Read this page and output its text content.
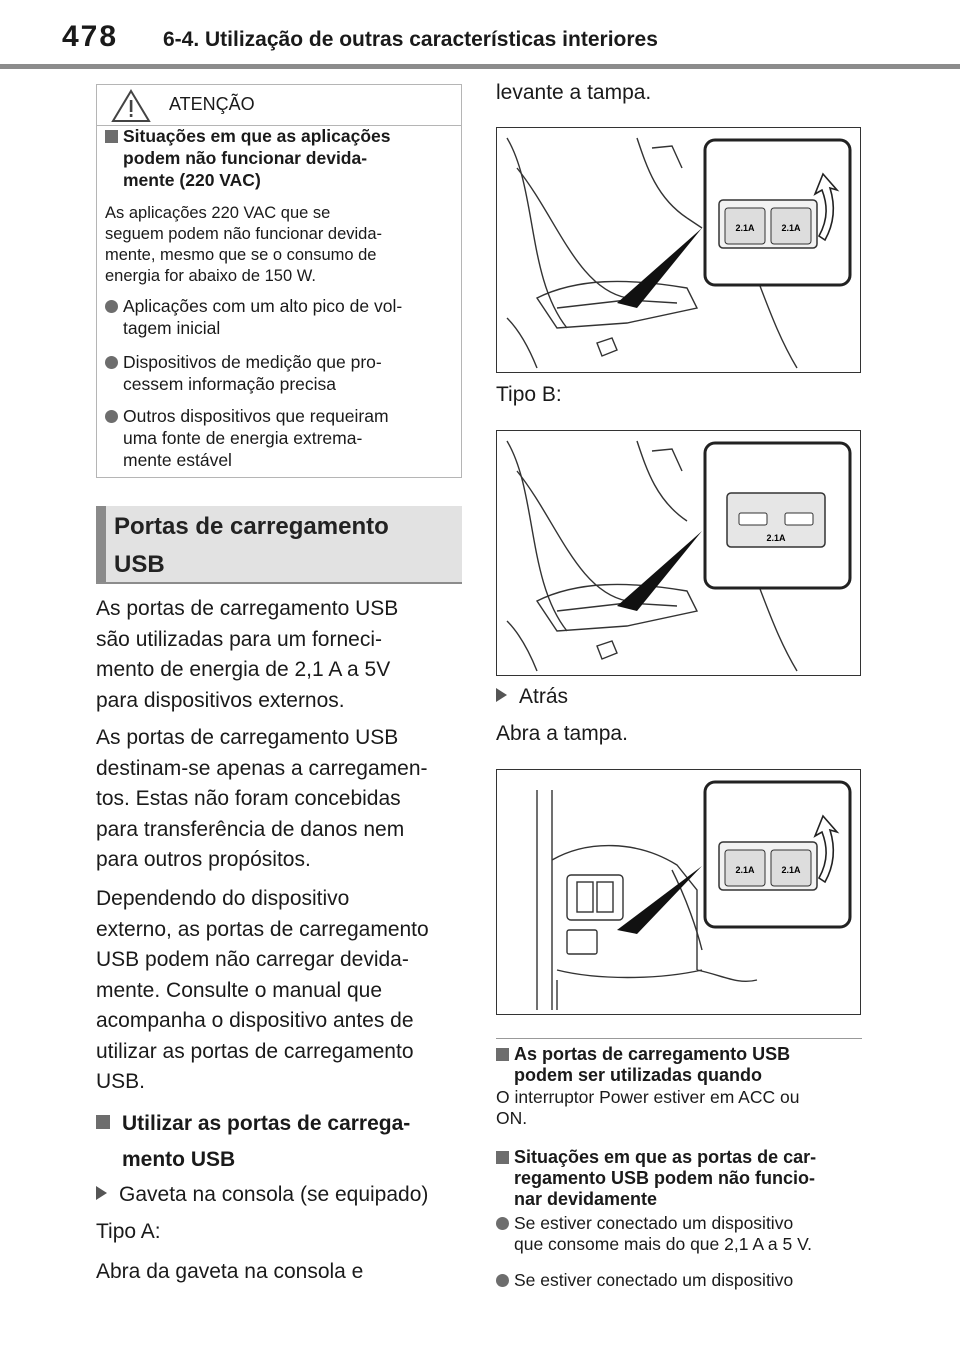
478 6-4. Utilização de outras características interiores
ATENÇÃO
Situações em que as aplicações
podem não funcionar devida-
mente (220 VAC)
As aplicações 220 VAC que se
seguem podem não funcionar devida-
mente, mesmo que se o consumo de
energia for abaixo de 150 W.
Aplicações com um alto pico de vol-
tagem inicial
Dispositivos de medição que pro-
cessem informação precisa
Outros dispositivos que requeiram
uma fonte de energia extrema-
mente estável
Portas de carregamento
USB
As portas de carregamento USB
são utilizadas para um forneci-
mento de energia de 2,1 A a 5V
para dispositivos externos.
As portas de carregamento USB
destinam-se apenas a carregamen-
tos. Estas não foram concebidas
para transferência de danos nem
para outros propósitos.
Dependendo do dispositivo
externo, as portas de carregamento
USB podem não carregar devida-
mente. Consulte o manual que
acompanha o dispositivo antes de
utilizar as portas de carregamento
USB.
Utilizar as portas de carrega-
mento USB
Gaveta na consola (se equipado)
Tipo A:
Abra da gaveta na consola e
levante a tampa.
2.1A	2.1A
Tipo B:
2.1A
Atrás
Abra a tampa.
2.1A	2.1A
As portas de carregamento USB
podem ser utilizadas quando
O interruptor Power estiver em ACC ou
ON.
Situações em que as portas de car-
regamento USB podem não funcio-
nar devidamente
Se estiver conectado um dispositivo
que consome mais do que 2,1 A a 5 V.
Se estiver conectado um dispositivo
